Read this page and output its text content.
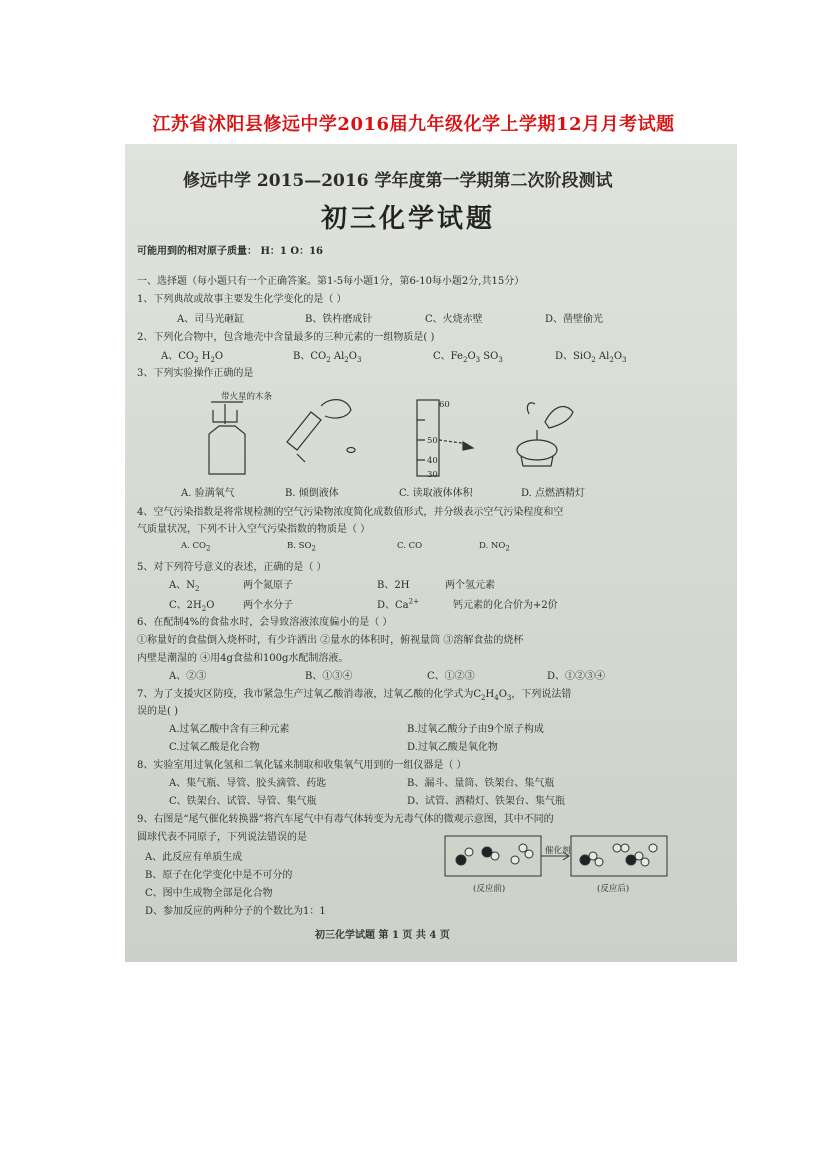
江苏省沭阳县修远中学2016届九年级化学上学期12月月考试题
修远中学 2015—2016 学年度第一学期第二次阶段测试
初三化学试题
可能用到的相对原子质量： H：1 O：16
一、选择题（每小题只有一个正确答案。第1-5每小题1分，第6-10每小题2分,共15分）
1、下列典故或故事主要发生化学变化的是（ ）
A、司马光砸缸	B、铁杵磨成针	C、火烧赤壁	D、凿壁偷光
2、下列化合物中，包含地壳中含量最多的三种元素的一组物质是( )
A、$CO_2$ $H_2O$	B、$CO_2$ $Al_2O_3$	C、$Fe_2O_3$ $SO_3$	D、SiO$_2$ $Al_2O_3$
3、下列实验操作正确的是
带火星的木条
60
50
40
30
A. 验满氧气	B. 倾倒液体	C. 读取液体体积	D. 点燃酒精灯
4、空气污染指数是将常规检测的空气污染物浓度简化成数值形式，并分级表示空气污染程度和空
气质量状况，下列不计入空气污染指数的物质是（ ）
A. $CO_2$	B. $SO_2$	C. CO	D. $NO_2$
5、对下列符号意义的表述，正确的是（ ）
A、$N_2$	两个氮原子	B、2H	两个氢元素
C、$2H_2O$	两个水分子	D、$Ca^{2+}$	钙元素的化合价为+2价
6、在配制4%的食盐水时，会导致溶液浓度偏小的是（ ）
①称量好的食盐倒入烧杯时，有少许洒出 ②量水的体积时，俯视量筒 ③溶解食盐的烧杯
内壁是潮湿的 ④用4g食盐和100g水配制溶液。
A、②③	B、①③④	C、①②③	D、①②③④
7、为了支援灾区防疫，我市紧急生产过氧乙酸消毒液，过氧乙酸的化学式为$C_2H_4O_3$，下列说法错
误的是( )
A.过氧乙酸中含有三种元素	B.过氧乙酸分子由9个原子构成
C.过氧乙酸是化合物	D.过氧乙酸是氧化物
8、实验室用过氧化氢和二氧化锰来制取和收集氧气用到的一组仪器是（ ）
A、集气瓶、导管、胶头滴管、药匙	B、漏斗、量筒、铁架台、集气瓶
C、铁架台、试管、导管、集气瓶	D、试管、酒精灯、铁架台、集气瓶
9、右图是“尾气催化转换器”将汽车尾气中有毒气体转变为无毒气体的微观示意图，其中不同的
圆球代表不同原子，下列说法错误的是
A、此反应有单质生成
B、原子在化学变化中是不可分的
C、图中生成物全部是化合物
D、参加反应的两种分子的个数比为1：1
催化剂
(反应前)	(反应后)
初三化学试题 第 1 页 共 4 页
